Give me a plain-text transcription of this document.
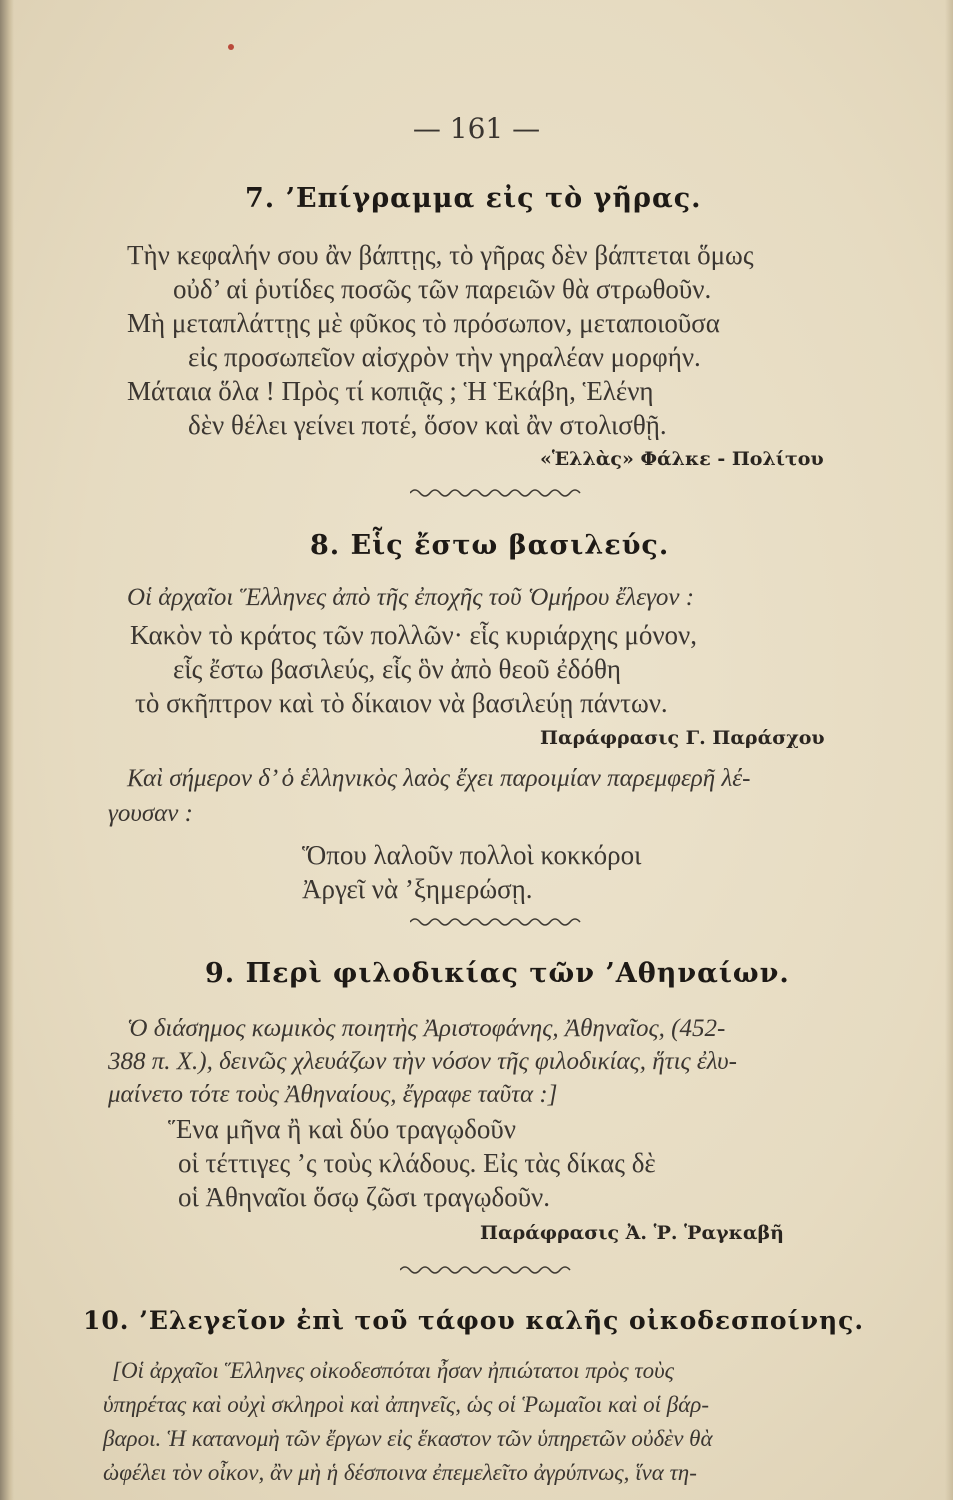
— 161 —
7. ’Επίγραμμα εἰς τὸ γῆρας.
Τὴν κεφαλήν σου ἂν βάπτῃς, τὸ γῆρας δὲν βάπτεται ὅμως
οὐδ’ αἱ ῥυτίδες ποσῶς τῶν παρειῶν θὰ στρωθοῦν.
Μὴ μεταπλάττῃς μὲ φῦκος τὸ πρόσωπον, μεταποιοῦσα
εἰς προσωπεῖον αἰσχρὸν τὴν γηραλέαν μορφήν.
Μάταια ὅλα ! Πρὸς τί κοπιᾷς ; Ἡ Ἑκάβη, Ἑλένη
δὲν θέλει γείνει ποτέ, ὅσον καὶ ἂν στολισθῇ.
«Ἑλλὰς» Φάλκε - Πολίτου
8. Εἷς ἔστω βασιλεύς.
Οἱ ἀρχαῖοι Ἕλληνες ἀπὸ τῆς ἐποχῆς τοῦ Ὁμήρου ἔλεγον :
Κακὸν τὸ κράτος τῶν πολλῶν· εἷς κυριάρχης μόνον,
εἷς ἔστω βασιλεύς, εἷς ὃν ἀπὸ θεοῦ ἐδόθη
τὸ σκῆπτρον καὶ τὸ δίκαιον νὰ βασιλεύῃ πάντων.
Παράφρασις Γ. Παράσχου
Καὶ σήμερον δ’ ὁ ἑλληνικὸς λαὸς ἔχει παροιμίαν παρεμφερῆ λέ-
γουσαν :
Ὅπου λαλοῦν πολλοὶ κοκκόροι
Ἀργεῖ νὰ ’ξημερώσῃ.
9. Περὶ φιλοδικίας τῶν ’Αθηναίων.
Ὁ διάσημος κωμικὸς ποιητὴς Ἀριστοφάνης, Ἀθηναῖος, (452-
388 π. Χ.), δεινῶς χλευάζων τὴν νόσον τῆς φιλοδικίας, ἥτις ἐλυ-
μαίνετο τότε τοὺς Ἀθηναίους, ἔγραφε ταῦτα :]
Ἕνα μῆνα ἢ καὶ δύο τραγῳδοῦν
οἱ τέττιγες ’ς τοὺς κλάδους. Εἰς τὰς δίκας δὲ
οἱ Ἀθηναῖοι ὅσῳ ζῶσι τραγῳδοῦν.
Παράφρασις Ἀ. Ῥ. Ῥαγκαβῆ
10. ’Ελεγεῖον ἐπὶ τοῦ τάφου καλῆς οἰκοδεσποίνης.
[Οἱ ἀρχαῖοι Ἕλληνες οἰκοδεσπόται ἦσαν ἠπιώτατοι πρὸς τοὺς
ὑπηρέτας καὶ οὐχὶ σκληροὶ καὶ ἀπηνεῖς, ὡς οἱ Ῥωμαῖοι καὶ οἱ βάρ-
βαροι. Ἡ κατανομὴ τῶν ἔργων εἰς ἕκαστον τῶν ὑπηρετῶν οὐδὲν θὰ
ὠφέλει τὸν οἶκον, ἂν μὴ ἡ δέσποινα ἐπεμελεῖτο ἀγρύπνως, ἵνα τη-
